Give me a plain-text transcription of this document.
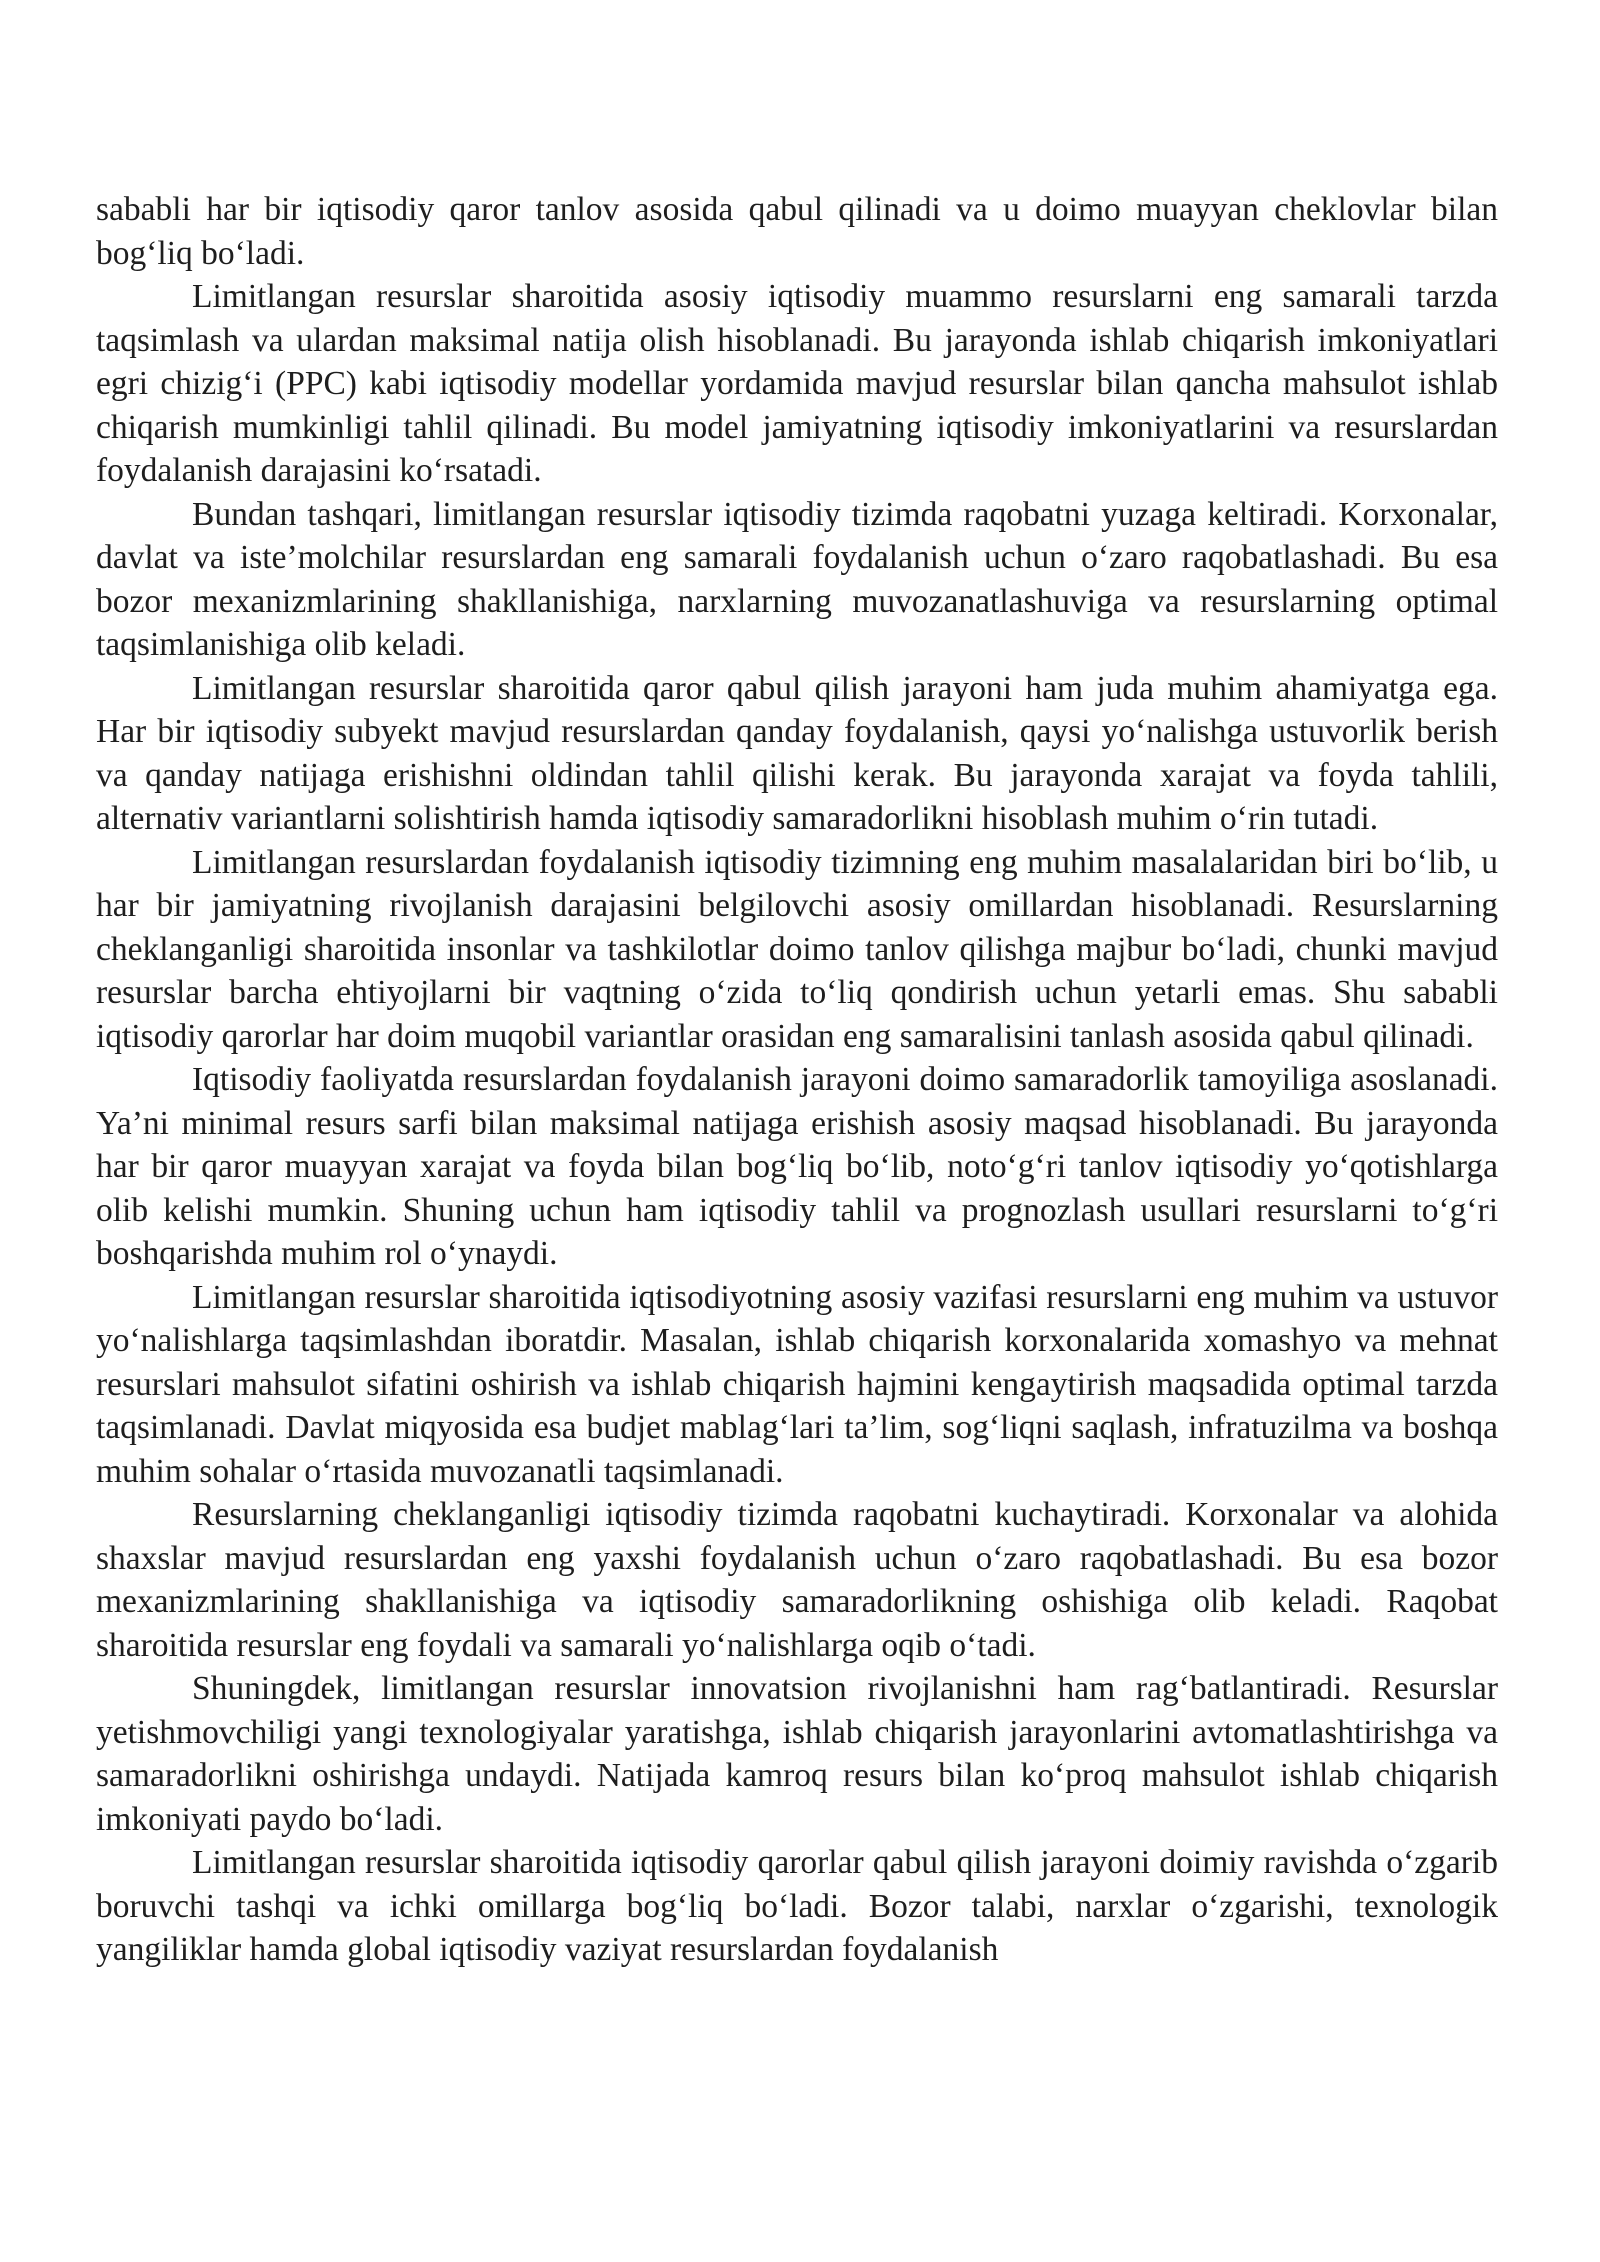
sababli har bir iqtisodiy qaror tanlov asosida qabul qilinadi va u doimo muayyan cheklovlar bilan bog‘liq bo‘ladi.

Limitlangan resurslar sharoitida asosiy iqtisodiy muammo resurslarni eng samarali tarzda taqsimlash va ulardan maksimal natija olish hisoblanadi. Bu jarayonda ishlab chiqarish imkoniyatlari egri chizig‘i (PPC) kabi iqtisodiy modellar yordamida mavjud resurslar bilan qancha mahsulot ishlab chiqarish mumkinligi tahlil qilinadi. Bu model jamiyatning iqtisodiy imkoniyatlarini va resurslardan foydalanish darajasini ko‘rsatadi.

Bundan tashqari, limitlangan resurslar iqtisodiy tizimda raqobatni yuzaga keltiradi. Korxonalar, davlat va iste’molchilar resurslardan eng samarali foydalanish uchun o‘zaro raqobatlashadi. Bu esa bozor mexanizmlarining shakllanishiga, narxlarning muvozanatlashuviga va resurslarning optimal taqsimlanishiga olib keladi.

Limitlangan resurslar sharoitida qaror qabul qilish jarayoni ham juda muhim ahamiyatga ega. Har bir iqtisodiy subyekt mavjud resurslardan qanday foydalanish, qaysi yo‘nalishga ustuvorlik berish va qanday natijaga erishishni oldindan tahlil qilishi kerak. Bu jarayonda xarajat va foyda tahlili, alternativ variantlarni solishtirish hamda iqtisodiy samaradorlikni hisoblash muhim o‘rin tutadi.

Limitlangan resurslardan foydalanish iqtisodiy tizimning eng muhim masalalaridan biri bo‘lib, u har bir jamiyatning rivojlanish darajasini belgilovchi asosiy omillardan hisoblanadi. Resurslarning cheklanganligi sharoitida insonlar va tashkilotlar doimo tanlov qilishga majbur bo‘ladi, chunki mavjud resurslar barcha ehtiyojlarni bir vaqtning o‘zida to‘liq qondirish uchun yetarli emas. Shu sababli iqtisodiy qarorlar har doim muqobil variantlar orasidan eng samaralisini tanlash asosida qabul qilinadi.

Iqtisodiy faoliyatda resurslardan foydalanish jarayoni doimo samaradorlik tamoyiliga asoslanadi. Ya’ni minimal resurs sarfi bilan maksimal natijaga erishish asosiy maqsad hisoblanadi. Bu jarayonda har bir qaror muayyan xarajat va foyda bilan bog‘liq bo‘lib, noto‘g‘ri tanlov iqtisodiy yo‘qotishlarga olib kelishi mumkin. Shuning uchun ham iqtisodiy tahlil va prognozlash usullari resurslarni to‘g‘ri boshqarishda muhim rol o‘ynaydi.

Limitlangan resurslar sharoitida iqtisodiyotning asosiy vazifasi resurslarni eng muhim va ustuvor yo‘nalishlarga taqsimlashdan iboratdir. Masalan, ishlab chiqarish korxonalarida xomashyo va mehnat resurslari mahsulot sifatini oshirish va ishlab chiqarish hajmini kengaytirish maqsadida optimal tarzda taqsimlanadi. Davlat miqyosida esa budjet mablag‘lari ta’lim, sog‘liqni saqlash, infratuzilma va boshqa muhim sohalar o‘rtasida muvozanatli taqsimlanadi.

Resurslarning cheklanganligi iqtisodiy tizimda raqobatni kuchaytiradi. Korxonalar va alohida shaxslar mavjud resurslardan eng yaxshi foydalanish uchun o‘zaro raqobatlashadi. Bu esa bozor mexanizmlarining shakllanishiga va iqtisodiy samaradorlikning oshishiga olib keladi. Raqobat sharoitida resurslar eng foydali va samarali yo‘nalishlarga oqib o‘tadi.

Shuningdek, limitlangan resurslar innovatsion rivojlanishni ham rag‘batlantiradi. Resurslar yetishmovchiligi yangi texnologiyalar yaratishga, ishlab chiqarish jarayonlarini avtomatlashtirishga va samaradorlikni oshirishga undaydi. Natijada kamroq resurs bilan ko‘proq mahsulot ishlab chiqarish imkoniyati paydo bo‘ladi.

Limitlangan resurslar sharoitida iqtisodiy qarorlar qabul qilish jarayoni doimiy ravishda o‘zgarib boruvchi tashqi va ichki omillarga bog‘liq bo‘ladi. Bozor talabi, narxlar o‘zgarishi, texnologik yangiliklar hamda global iqtisodiy vaziyat resurslardan foydalanish
